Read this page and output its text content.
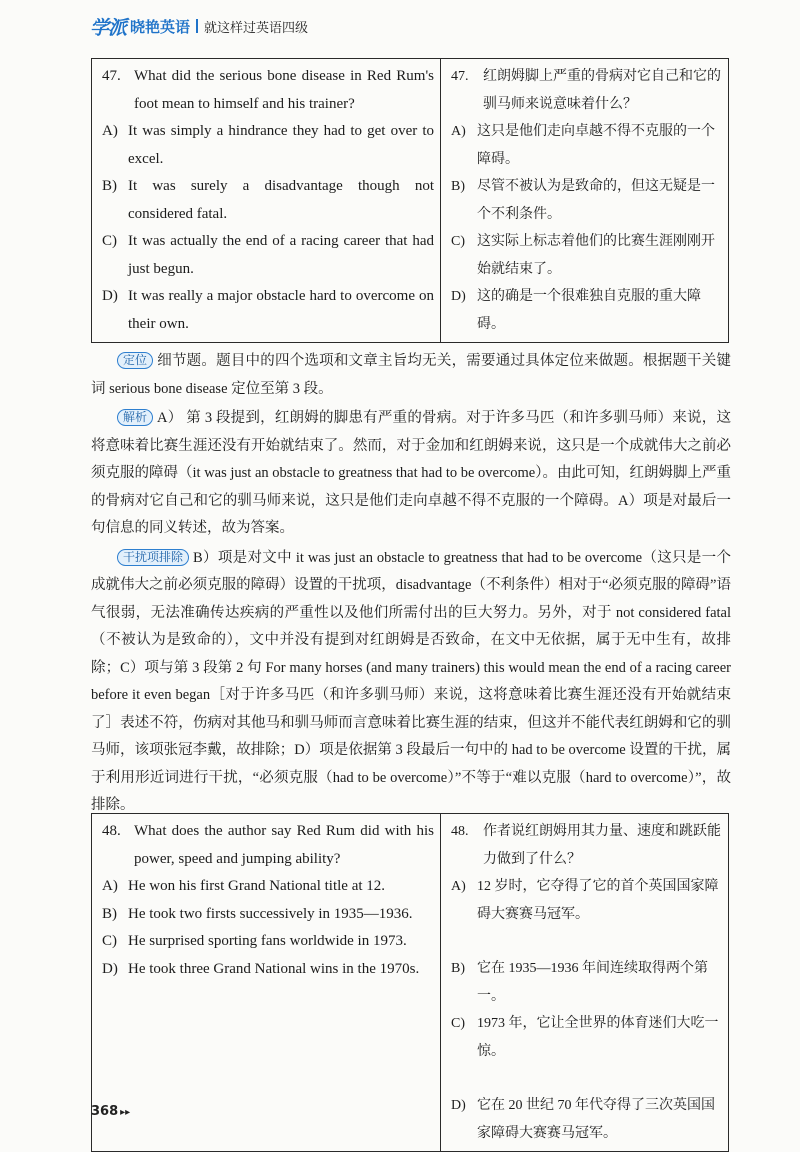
学派 晓艳英语 就这样过英语四级
47. What did the serious bone disease in Red Rum's foot mean to himself and his trainer?
A) It was simply a hindrance they had to get over to excel.
B) It was surely a disadvantage though not considered fatal.
C) It was actually the end of a racing career that had just begun.
D) It was really a major obstacle hard to overcome on their own.

47.	红朗姆脚上严重的骨病对它自己和它的驯马师来说意味着什么？
A) 这只是他们走向卓越不得不克服的一个障碍。
B) 尽管不被认为是致命的，但这无疑是一个不利条件。
C) 这实际上标志着他们的比赛生涯刚刚开始就结束了。
D) 这的确是一个很难独自克服的重大障碍。

定位 细节题。题目中的四个选项和文章主旨均无关，需要通过具体定位来做题。根据题干关键词 serious bone disease 定位至第 3 段。

解析 A） 第 3 段提到，红朗姆的脚患有严重的骨病。对于许多马匹（和许多驯马师）来说，这将意味着比赛生涯还没有开始就结束了。然而，对于金加和红朗姆来说，这只是一个成就伟大之前必须克服的障碍（it was just an obstacle to greatness that had to be overcome）。由此可知，红朗姆脚上严重的骨病对它自己和它的驯马师来说，这只是他们走向卓越不得不克服的一个障碍。A）项是对最后一句信息的同义转述，故为答案。

干扰项排除 B）项是对文中 it was just an obstacle to greatness that had to be overcome（这只是一个成就伟大之前必须克服的障碍）设置的干扰项，disadvantage（不利条件）相对于“必须克服的障碍”语气很弱，无法准确传达疾病的严重性以及他们所需付出的巨大努力。另外，对于 not considered fatal（不被认为是致命的），文中并没有提到对红朗姆是否致命，在文中无依据，属于无中生有，故排除；C）项与第 3 段第 2 句 For many horses (and many trainers) this would mean the end of a racing career before it even began［对于许多马匹（和许多驯马师）来说，这将意味着比赛生涯还没有开始就结束了］表述不符，伤病对其他马和驯马师而言意味着比赛生涯的结束，但这并不能代表红朗姆和它的驯马师，该项张冠李戴，故排除；D）项是依据第 3 段最后一句中的 had to be overcome 设置的干扰，属于利用形近词进行干扰，“必须克服（had to be overcome）”不等于“难以克服（hard to overcome）”，故排除。

48. What does the author say Red Rum did with his power, speed and jumping ability?
A) He won his first Grand National title at 12.
B) He took two firsts successively in 1935—1936.
C) He surprised sporting fans worldwide in 1973.
D) He took three Grand National wins in the 1970s.

48.	作者说红朗姆用其力量、速度和跳跃能力做到了什么？
A) 12 岁时，它夺得了它的首个英国国家障碍大赛赛马冠军。
B) 它在 1935—1936 年间连续取得两个第一。
C) 1973 年，它让全世界的体育迷们大吃一惊。
D) 它在 20 世纪 70 年代夺得了三次英国国家障碍大赛赛马冠军。
368 ▸▸
